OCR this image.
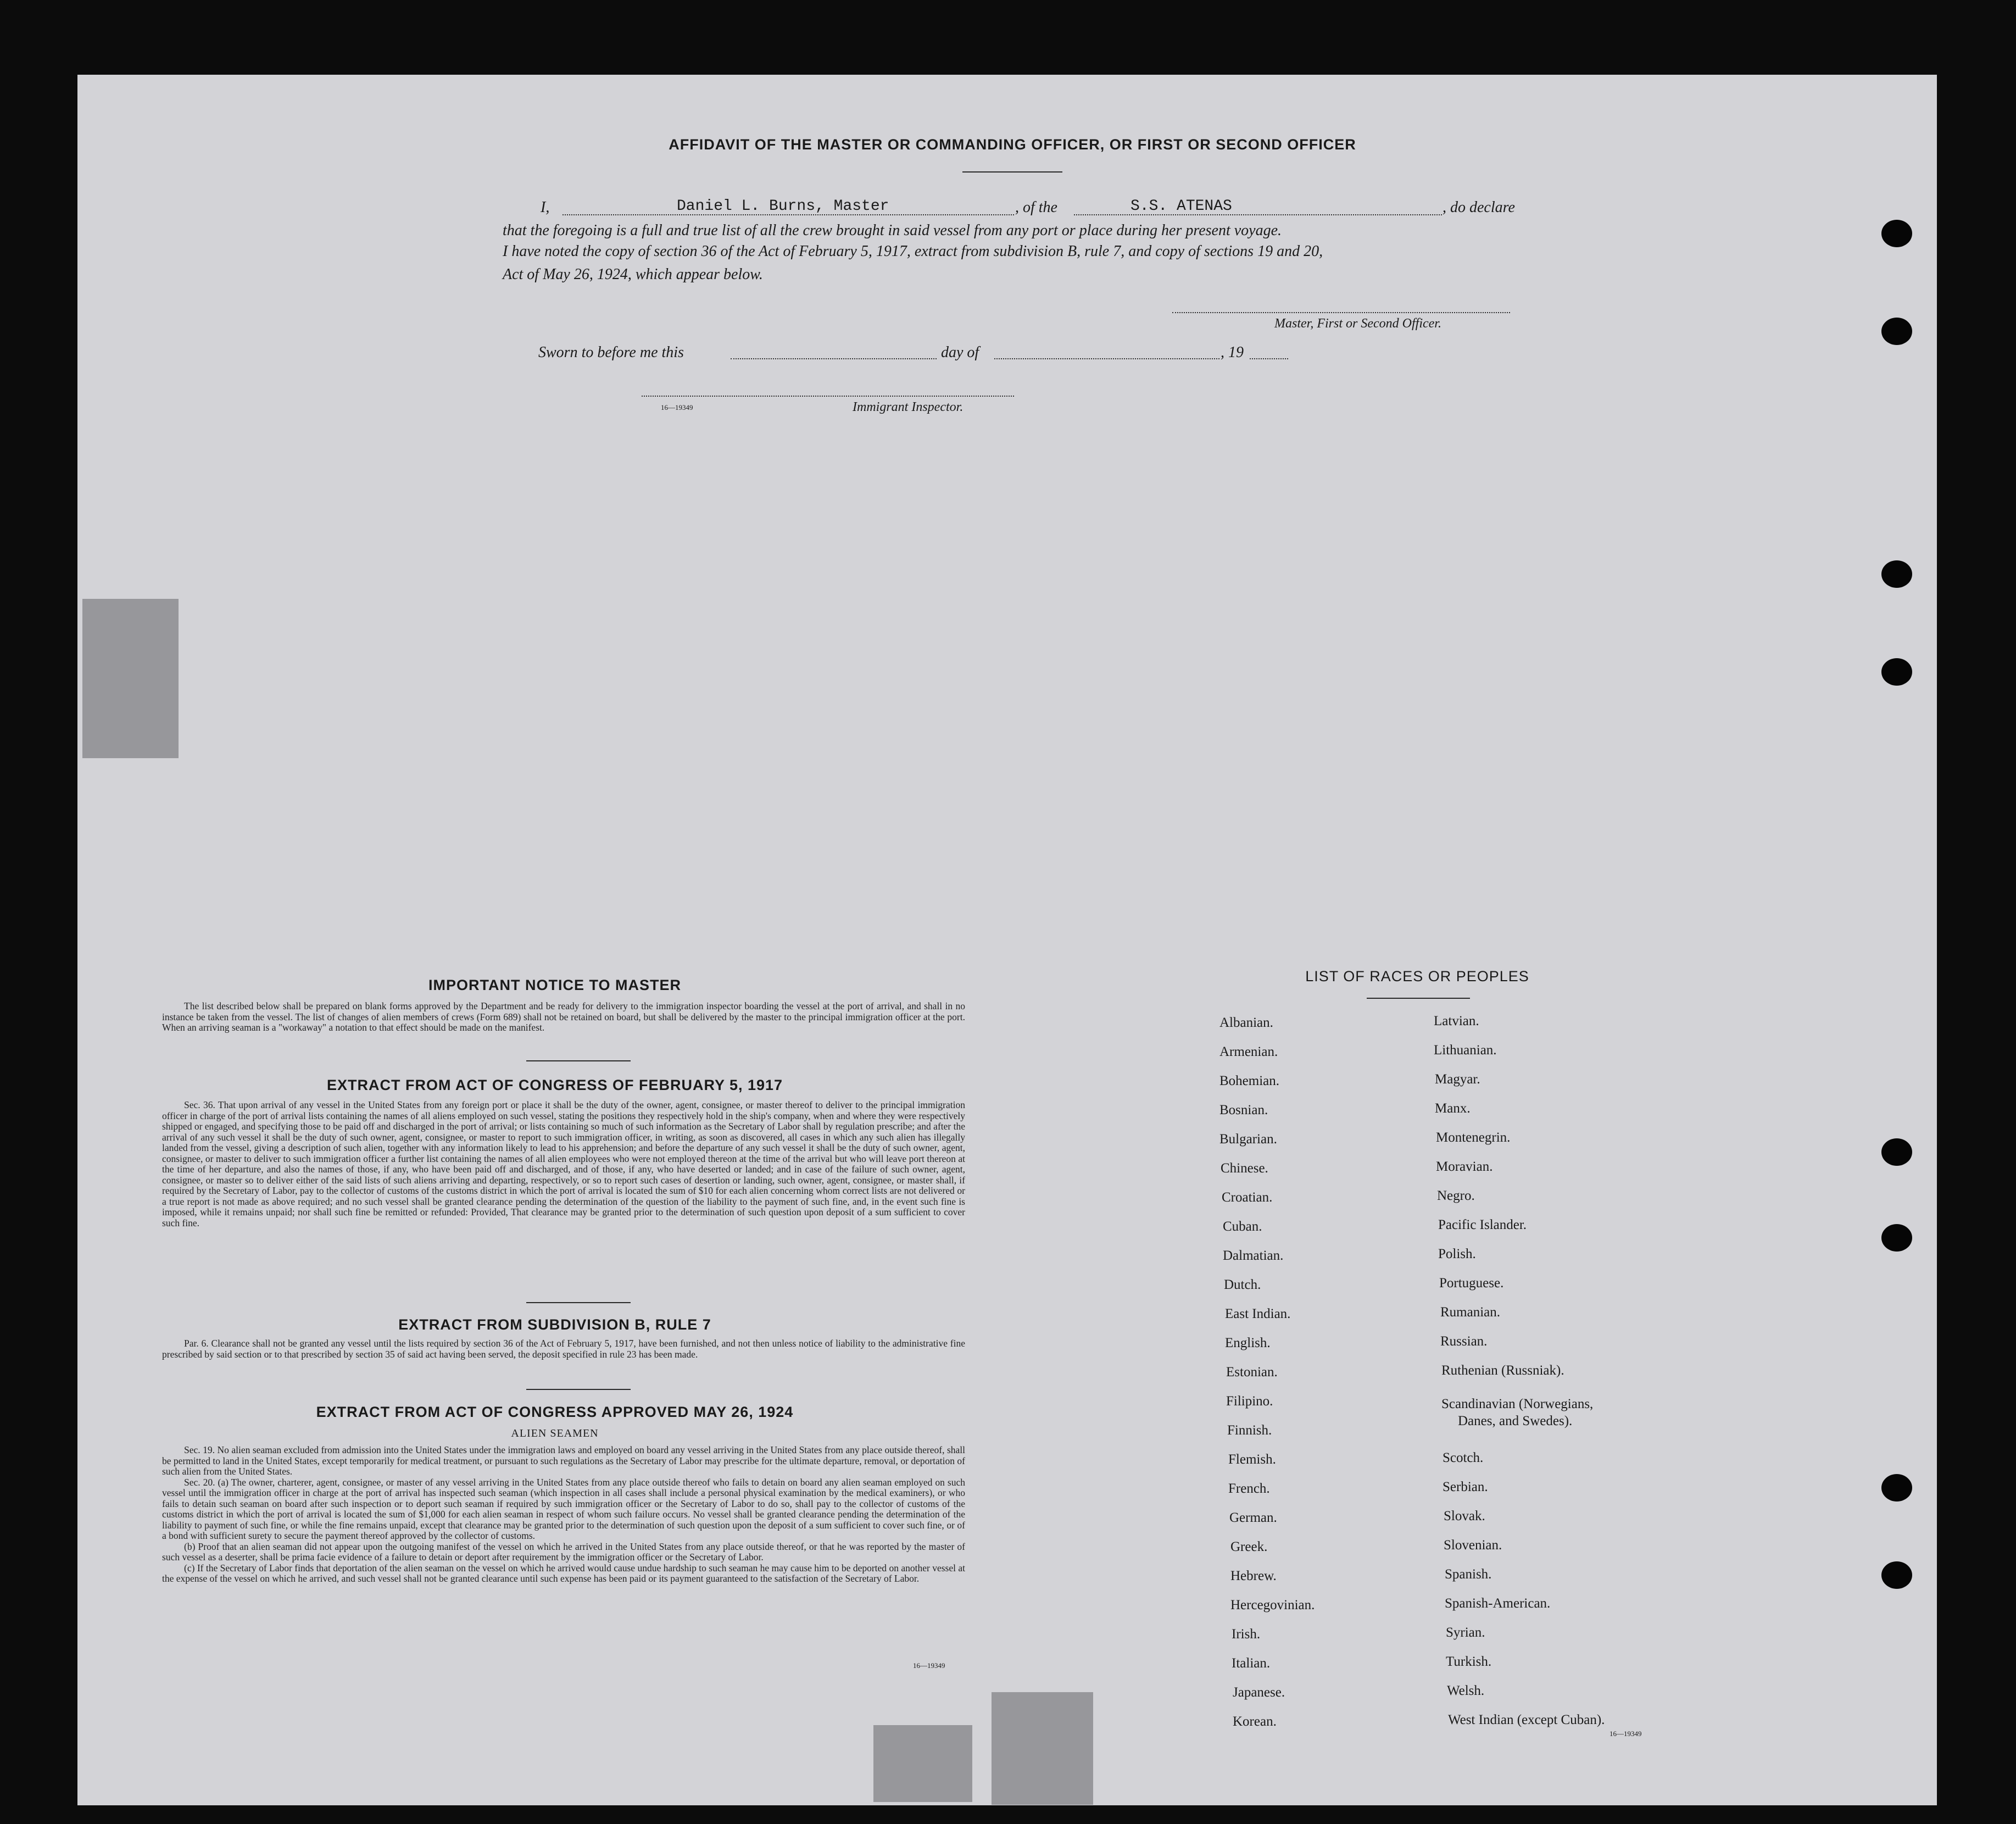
AFFIDAVIT OF THE MASTER OR COMMANDING OFFICER, OR FIRST OR SECOND OFFICER
I,	Daniel L. Burns, Master	, of the	S.S. ATENAS	, do declare
that the foregoing is a full and true list of all the crew brought in said vessel from any port or place during her present voyage.
I have noted the copy of section 36 of the Act of February 5, 1917, extract from subdivision B, rule 7, and copy of sections 19 and 20,
Act of May 26, 1924, which appear below.
Master, First or Second Officer.
Sworn to before me this	day of	, 19
16—19349	Immigrant Inspector.
IMPORTANT NOTICE TO MASTER

The list described below shall be prepared on blank forms approved by the Department and be ready for delivery to the immigration inspector boarding the vessel at the port of arrival, and shall in no instance be taken from the vessel. The list of changes of alien members of crews (Form 689) shall not be retained on board, but shall be delivered by the master to the principal immigration officer at the port. When an arriving seaman is a "workaway" a notation to that effect should be made on the manifest.

EXTRACT FROM ACT OF CONGRESS OF FEBRUARY 5, 1917

Sec. 36. That upon arrival of any vessel in the United States from any foreign port or place it shall be the duty of the owner, agent, consignee, or master thereof to deliver to the principal immigration officer in charge of the port of arrival lists containing the names of all aliens employed on such vessel, stating the positions they respectively hold in the ship's company, when and where they were respectively shipped or engaged, and specifying those to be paid off and discharged in the port of arrival; or lists containing so much of such information as the Secretary of Labor shall by regulation prescribe; and after the arrival of any such vessel it shall be the duty of such owner, agent, consignee, or master to report to such immigration officer, in writing, as soon as discovered, all cases in which any such alien has illegally landed from the vessel, giving a description of such alien, together with any information likely to lead to his apprehension; and before the departure of any such vessel it shall be the duty of such owner, agent, consignee, or master to deliver to such immigration officer a further list containing the names of all alien employees who were not employed thereon at the time of the arrival but who will leave port thereon at the time of her departure, and also the names of those, if any, who have been paid off and discharged, and of those, if any, who have deserted or landed; and in case of the failure of such owner, agent, consignee, or master so to deliver either of the said lists of such aliens arriving and departing, respectively, or so to report such cases of desertion or landing, such owner, agent, consignee, or master shall, if required by the Secretary of Labor, pay to the collector of customs of the customs district in which the port of arrival is located the sum of $10 for each alien concerning whom correct lists are not delivered or a true report is not made as above required; and no such vessel shall be granted clearance pending the determination of the question of the liability to the payment of such fine, and, in the event such fine is imposed, while it remains unpaid; nor shall such fine be remitted or refunded: Provided, That clearance may be granted prior to the determination of such question upon deposit of a sum sufficient to cover such fine.

EXTRACT FROM SUBDIVISION B, RULE 7

Par. 6. Clearance shall not be granted any vessel until the lists required by section 36 of the Act of February 5, 1917, have been furnished, and not then unless notice of liability to the administrative fine prescribed by said section or to that prescribed by section 35 of said act having been served, the deposit specified in rule 23 has been made.

EXTRACT FROM ACT OF CONGRESS APPROVED MAY 26, 1924
ALIEN SEAMEN

Sec. 19. No alien seaman excluded from admission into the United States under the immigration laws and employed on board any vessel arriving in the United States from any place outside thereof, shall be permitted to land in the United States, except temporarily for medical treatment, or pursuant to such regulations as the Secretary of Labor may prescribe for the ultimate departure, removal, or deportation of such alien from the United States.

Sec. 20. (a) The owner, charterer, agent, consignee, or master of any vessel arriving in the United States from any place outside thereof who fails to detain on board any alien seaman employed on such vessel until the immigration officer in charge at the port of arrival has inspected such seaman (which inspection in all cases shall include a personal physical examination by the medical examiners), or who fails to detain such seaman on board after such inspection or to deport such seaman if required by such immigration officer or the Secretary of Labor to do so, shall pay to the collector of customs of the customs district in which the port of arrival is located the sum of $1,000 for each alien seaman in respect of whom such failure occurs. No vessel shall be granted clearance pending the determination of the liability to payment of such fine, or while the fine remains unpaid, except that clearance may be granted prior to the determination of such question upon the deposit of a sum sufficient to cover such fine, or of a bond with sufficient surety to secure the payment thereof approved by the collector of customs.

(b) Proof that an alien seaman did not appear upon the outgoing manifest of the vessel on which he arrived in the United States from any place outside thereof, or that he was reported by the master of such vessel as a deserter, shall be prima facie evidence of a failure to detain or deport after requirement by the immigration officer or the Secretary of Labor.

(c) If the Secretary of Labor finds that deportation of the alien seaman on the vessel on which he arrived would cause undue hardship to such seaman he may cause him to be deported on another vessel at the expense of the vessel on which he arrived, and such vessel shall not be granted clearance until such expense has been paid or its payment guaranteed to the satisfaction of the Secretary of Labor.

16—19349
LIST OF RACES OR PEOPLES
Albanian.
Armenian.
Bohemian.
Bosnian.
Bulgarian.
Chinese.
Croatian.
Cuban.
Dalmatian.
Dutch.
East Indian.
English.
Estonian.
Filipino.
Finnish.
Flemish.
French.
German.
Greek.
Hebrew.
Hercegovinian.
Irish.
Italian.
Japanese.
Korean.
Latvian.
Lithuanian.
Magyar.
Manx.
Montenegrin.
Moravian.
Negro.
Pacific Islander.
Polish.
Portuguese.
Rumanian.
Russian.
Ruthenian (Russniak).
Scandinavian (Norwegians,
Danes, and Swedes).
Scotch.
Serbian.
Slovak.
Slovenian.
Spanish.
Spanish-American.
Syrian.
Turkish.
Welsh.
West Indian (except Cuban).
16—19349
